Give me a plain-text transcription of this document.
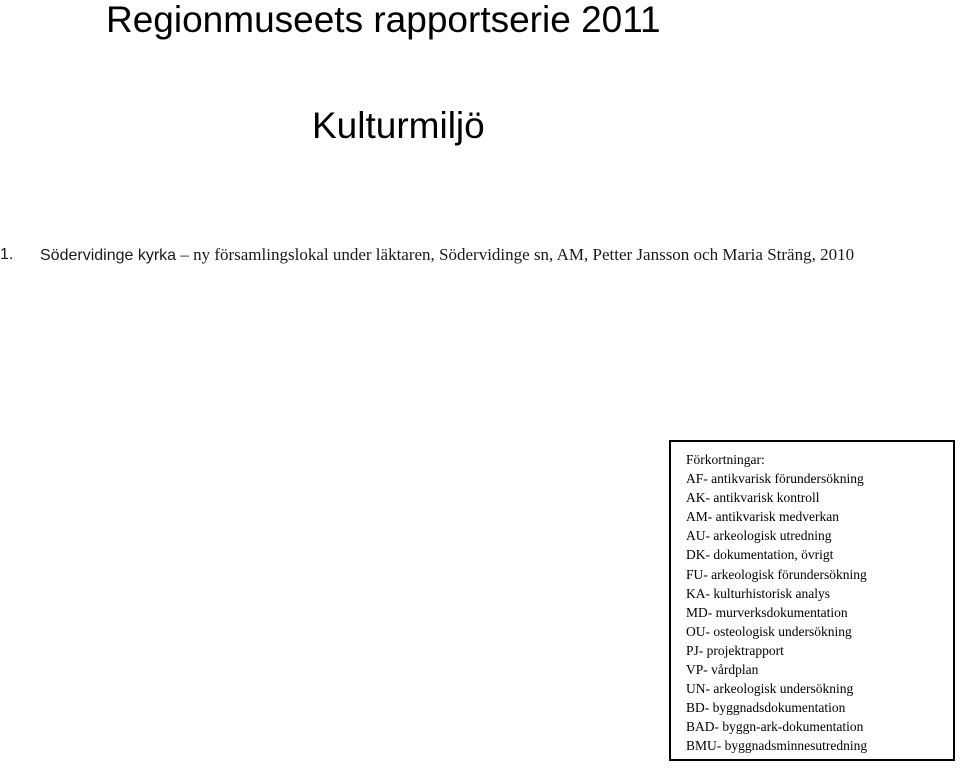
Regionmuseets rapportserie 2011
Kulturmiljö
1. Södervidinge kyrka – ny församlingslokal under läktaren, Södervidinge sn, AM, Petter Jansson och Maria Sträng, 2010
Förkortningar:
AF- antikvarisk förundersökning
AK- antikvarisk kontroll
AM- antikvarisk medverkan
AU- arkeologisk utredning
DK- dokumentation, övrigt
FU- arkeologisk förundersökning
KA- kulturhistorisk analys
MD- murverksdokumentation
OU- osteologisk undersökning
PJ- projektrapport
VP- vårdplan
UN- arkeologisk undersökning
BD- byggnadsdokumentation
BAD- byggn-ark-dokumentation
BMU- byggnadsminnesutredning
